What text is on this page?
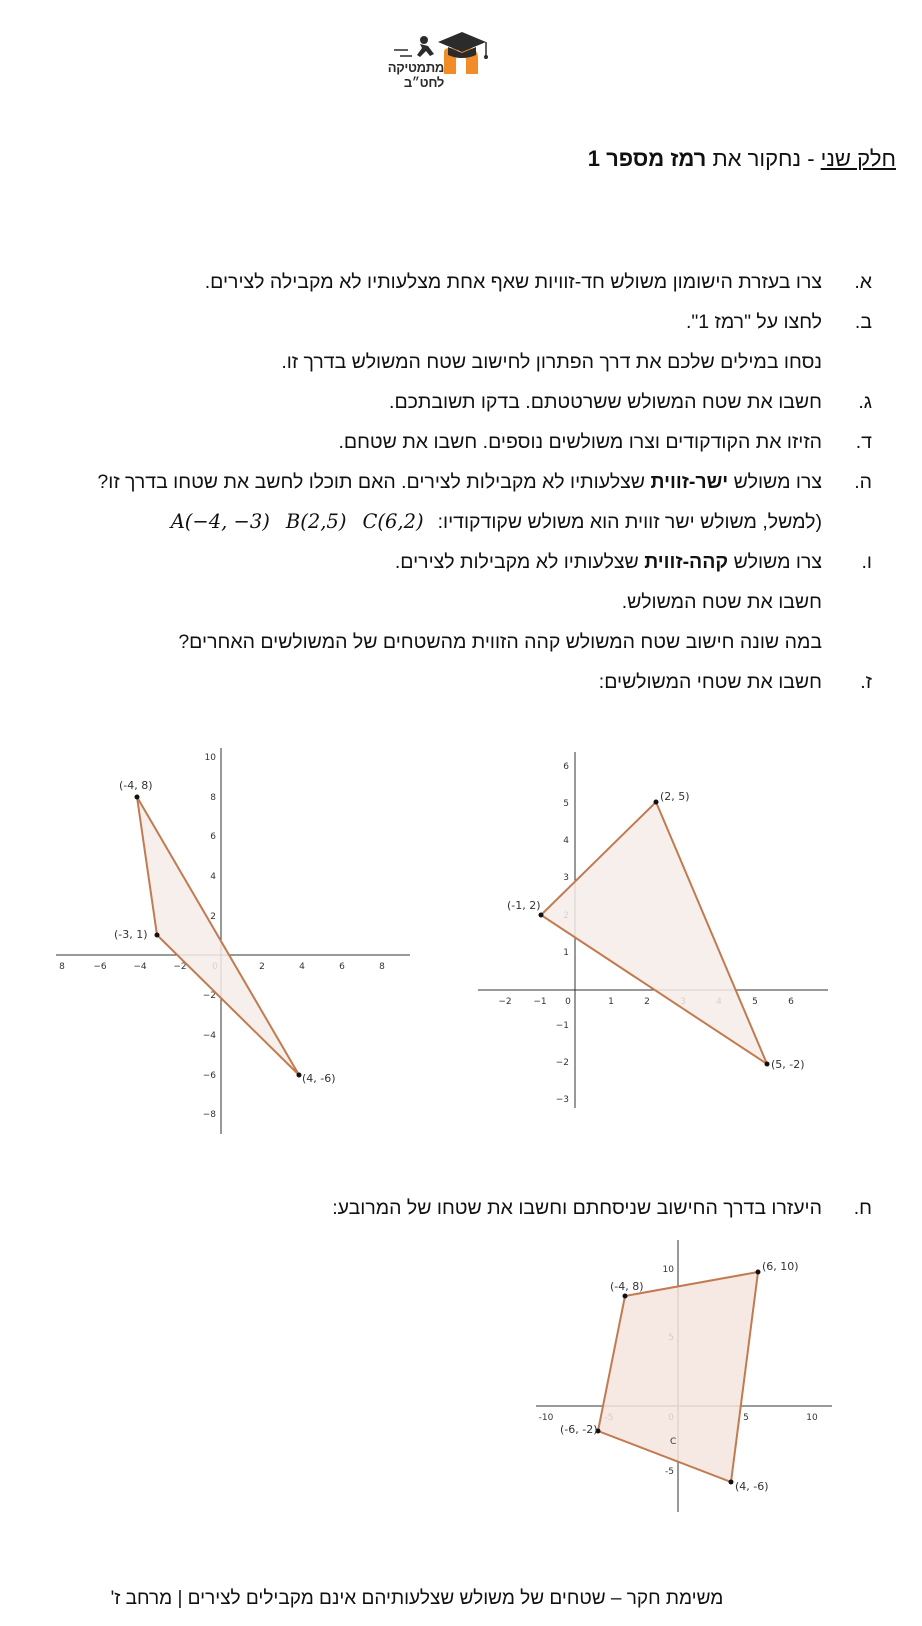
מתמטיקה לחט״ב
חלק שני - נחקור את רמז מספר 1
א.
צרו בעזרת הישומון משולש חד-זוויות שאף אחת מצלעותיו לא מקבילה לצירים.
ב.
לחצו על "רמז 1".
נסחו במילים שלכם את דרך הפתרון לחישוב שטח המשולש בדרך זו.
ג.
חשבו את שטח המשולש ששרטטתם. בדקו תשובתכם.
ד.
הזיזו את הקודקודים וצרו משולשים נוספים. חשבו את שטחם.
ה.
צרו משולש ישר-זווית שצלעותיו לא מקבילות לצירים. האם תוכלו לחשב את שטחו בדרך זו?
(למשל, משולש ישר זווית הוא משולש שקודקודיו:𝐴(−4, −3) 𝐵(2,5) 𝐶(6,2)
ו.
צרו משולש קהה-זווית שצלעותיו לא מקבילות לצירים.
חשבו את שטח המשולש.
במה שונה חישוב שטח המשולש קהה הזווית מהשטחים של המשולשים האחרים?
ז.
חשבו את שטחי המשולשים:
−2 −1 0	1	2	5	6
6
5
4
3
1
−1
−2
−3
(2, 5)
(-1, 2)
(5, -2)
8	−6	−4	−2	2	4	6	8
10
8
6
4
2
−2
−4
−6
−8
(-4, 8)
(-3, 1)
(4, -6)
ח.
היעזרו בדרך החישוב שניסחתם וחשבו את שטחו של המרובע:
-10	5	10
10
-5
(-4, 8)
(6, 10)
(4, -6)
(-6, -2)
C
משימת חקר – שטחים של משולש שצלעותיהם אינם מקבילים לצירים | מרחב ז'
